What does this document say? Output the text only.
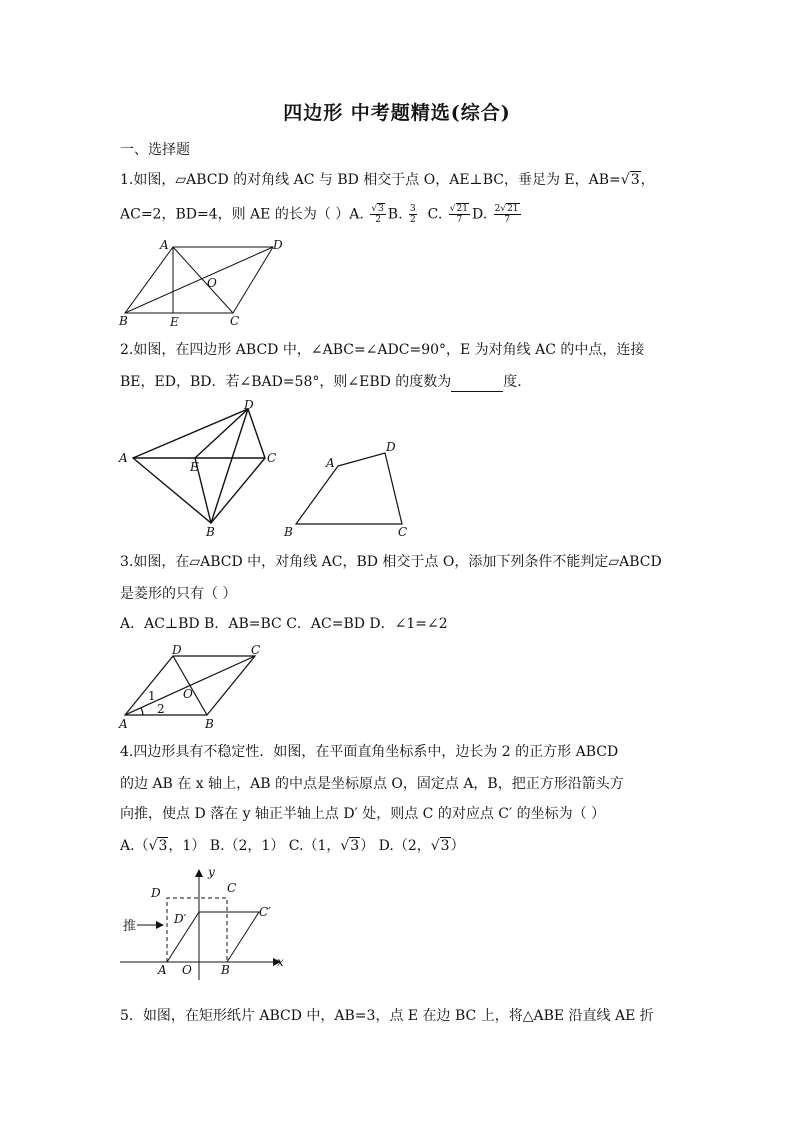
四边形 中考题精选(综合)
一、选择题
1.如图，▱ABCD 的对角线 AC 与 BD 相交于点 O，AE⊥BC，垂足为 E，AB=√3，
AC=2，BD=4，则 AE 的长为（ ）A. $\frac{√3}{2} B$. $\frac{3}{2} C$. $\frac{√21}{7} D$. $\frac{2√21}{7}$
A	D
B	E	C
O
2.如图，在四边形 ABCD 中，∠ABC=∠ADC=90°，E 为对角线 AC 的中点，连接
BE，ED，BD．若∠BAD=58°，则∠EBD 的度数为	度.
A
D
C
E
B
A
D
C
B
3.如图，在▱ABCD 中，对角线 AC，BD 相交于点 O，添加下列条件不能判定▱ABCD
是菱形的只有（ ）
A．AC⊥BD B．AB=BC C．AC=BD D．∠1=∠2
D	C
A	B
O
1
2
4.四边形具有不稳定性．如图，在平面直角坐标系中，边长为 2 的正方形 ABCD
的边 AB 在 x 轴上，AB 的中点是坐标原点 O，固定点 A，B，把正方形沿箭头方
向推，使点 D 落在 y 轴正半轴上点 D′ 处，则点 C 的对应点 C′ 的坐标为（ ）
A.（√3，1） B.（2，1） C.（1，√3） D.（2，√3）
y
x
D	C
D′	C′
A O B
推
5．如图，在矩形纸片 ABCD 中，AB=3，点 E 在边 BC 上，将△ABE 沿直线 AE 折
